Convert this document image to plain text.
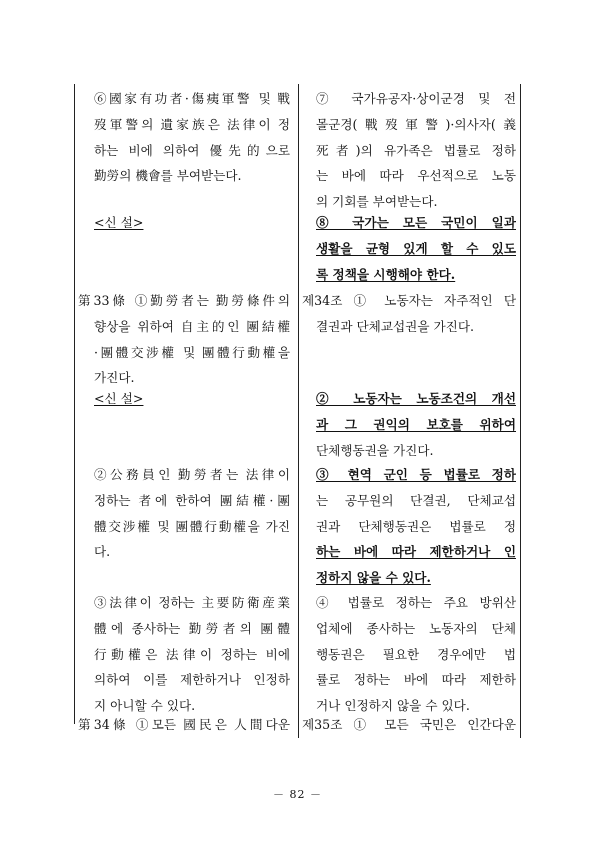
⑥國家有功者·傷痍軍警 및 戰
歿軍警의 遺家族은 法律이 정
하는 비에 의하여 優先的으로
勤勞의 機會를 부여받는다.
<신 설>
第33條 ①勤勞者는 勤勞條件의
향상을 위하여 自主的인 團結權
·團體交涉權 및 團體行動權을
가진다.
<신 설>
②公務員인 勤勞者는 法律이
정하는 者에 한하여 團結權·團
體交涉權 및 團體行動權을 가진
다.
③法律이 정하는 主要防衛産業
體에 종사하는 勤勞者의 團體
行動權은 法律이 정하는 비에
의하여 이를 제한하거나 인정하
지 아니할 수 있다.
第34條 ①모든 國民은 人間다운
⑦ 국가유공자·상이군경 및 전
몰군경(戰歿軍警)·의사자(義
死者)의 유가족은 법률로 정하
는 바에 따라 우선적으로 노동
의 기회를 부여받는다.
⑧ 국가는 모든 국민이 일과
생활을 균형 있게 할 수 있도
록 정책을 시행해야 한다.
제34조 ① 노동자는 자주적인 단
결권과 단체교섭권을 가진다.
② 노동자는 노동조건의 개선
과 그 권익의 보호를 위하여
단체행동권을 가진다.
③ 현역 군인 등 법률로 정하
는 공무원의 단결권, 단체교섭
권과 단체행동권은 법률로 정
하는 바에 따라 제한하거나 인
정하지 않을 수 있다.
④ 법률로 정하는 주요 방위산
업체에 종사하는 노동자의 단체
행동권은 필요한 경우에만 법
률로 정하는 바에 따라 제한하
거나 인정하지 않을 수 있다.
제35조 ① 모든 국민은 인간다운
－ 82 －
